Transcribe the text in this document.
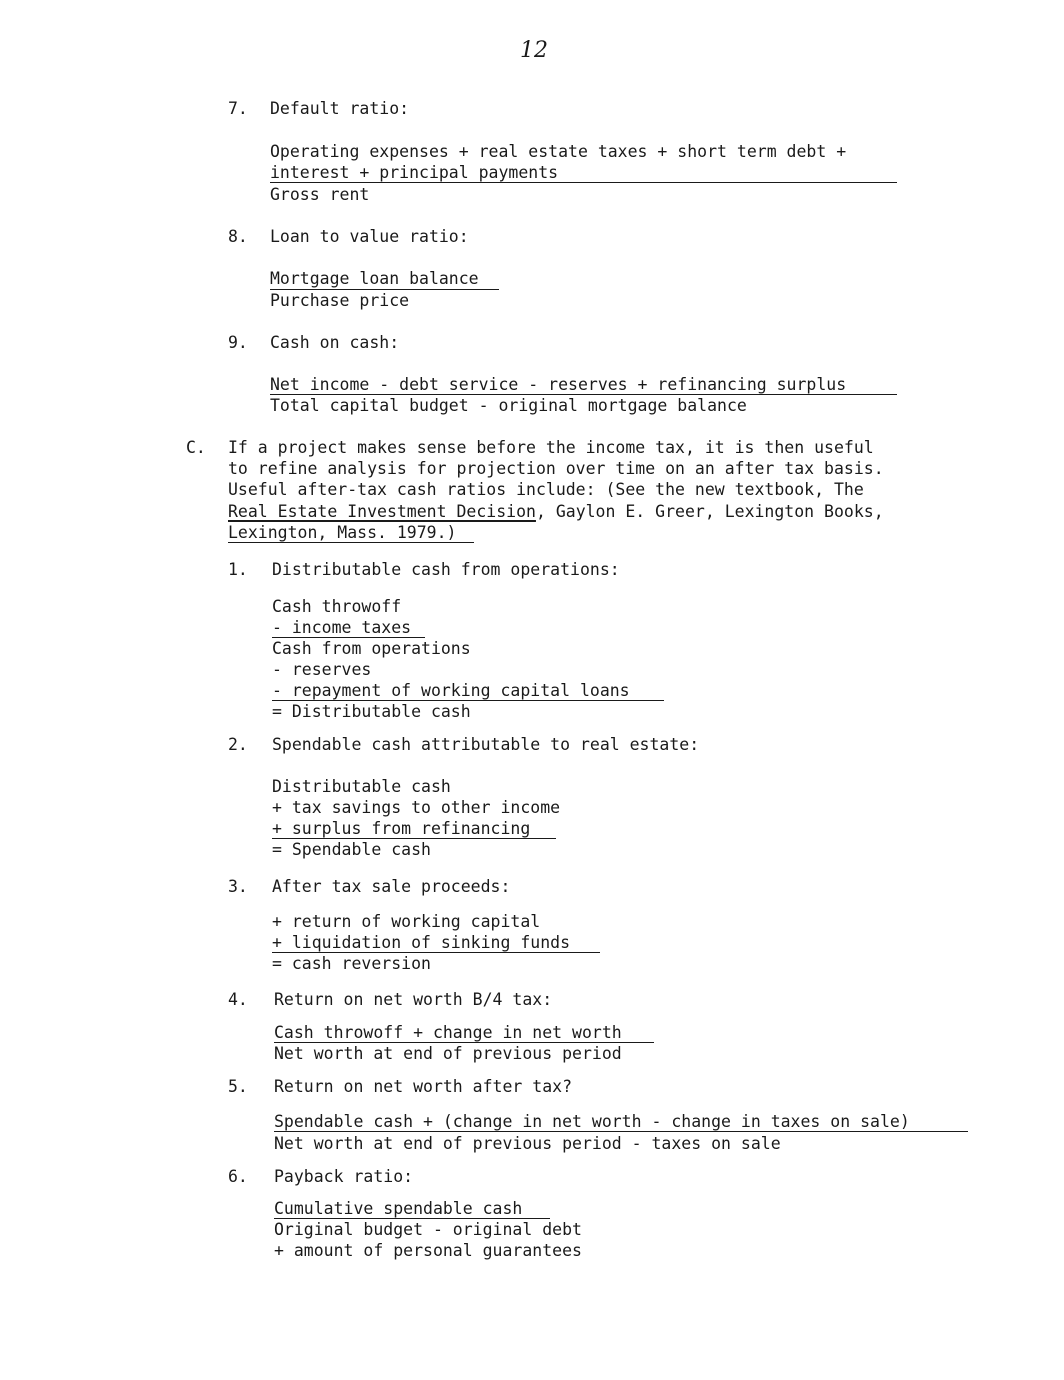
12
7. Default ratio:
Operating expenses + real estate taxes + short term debt +
interest + principal payments
Gross rent
8. Loan to value ratio:
Mortgage loan balance
Purchase price
9. Cash on cash:
Net income - debt service - reserves + refinancing surplus
Total capital budget - original mortgage balance
C. If a project makes sense before the income tax, it is then useful
to refine analysis for projection over time on an after tax basis.
Useful after-tax cash ratios include: (See the new textbook, The
Real Estate Investment Decision, Gaylon E. Greer, Lexington Books,
Lexington, Mass. 1979.)
1. Distributable cash from operations:
Cash throwoff
- income taxes
Cash from operations
- reserves
- repayment of working capital loans
= Distributable cash
2. Spendable cash attributable to real estate:
Distributable cash
+ tax savings to other income
+ surplus from refinancing
= Spendable cash
3. After tax sale proceeds:
+ return of working capital
+ liquidation of sinking funds
= cash reversion
4. Return on net worth B/4 tax:
Cash throwoff + change in net worth
Net worth at end of previous period
5. Return on net worth after tax?
Spendable cash + (change in net worth - change in taxes on sale)
Net worth at end of previous period - taxes on sale
6. Payback ratio:
Cumulative spendable cash
Original budget - original debt
+ amount of personal guarantees
